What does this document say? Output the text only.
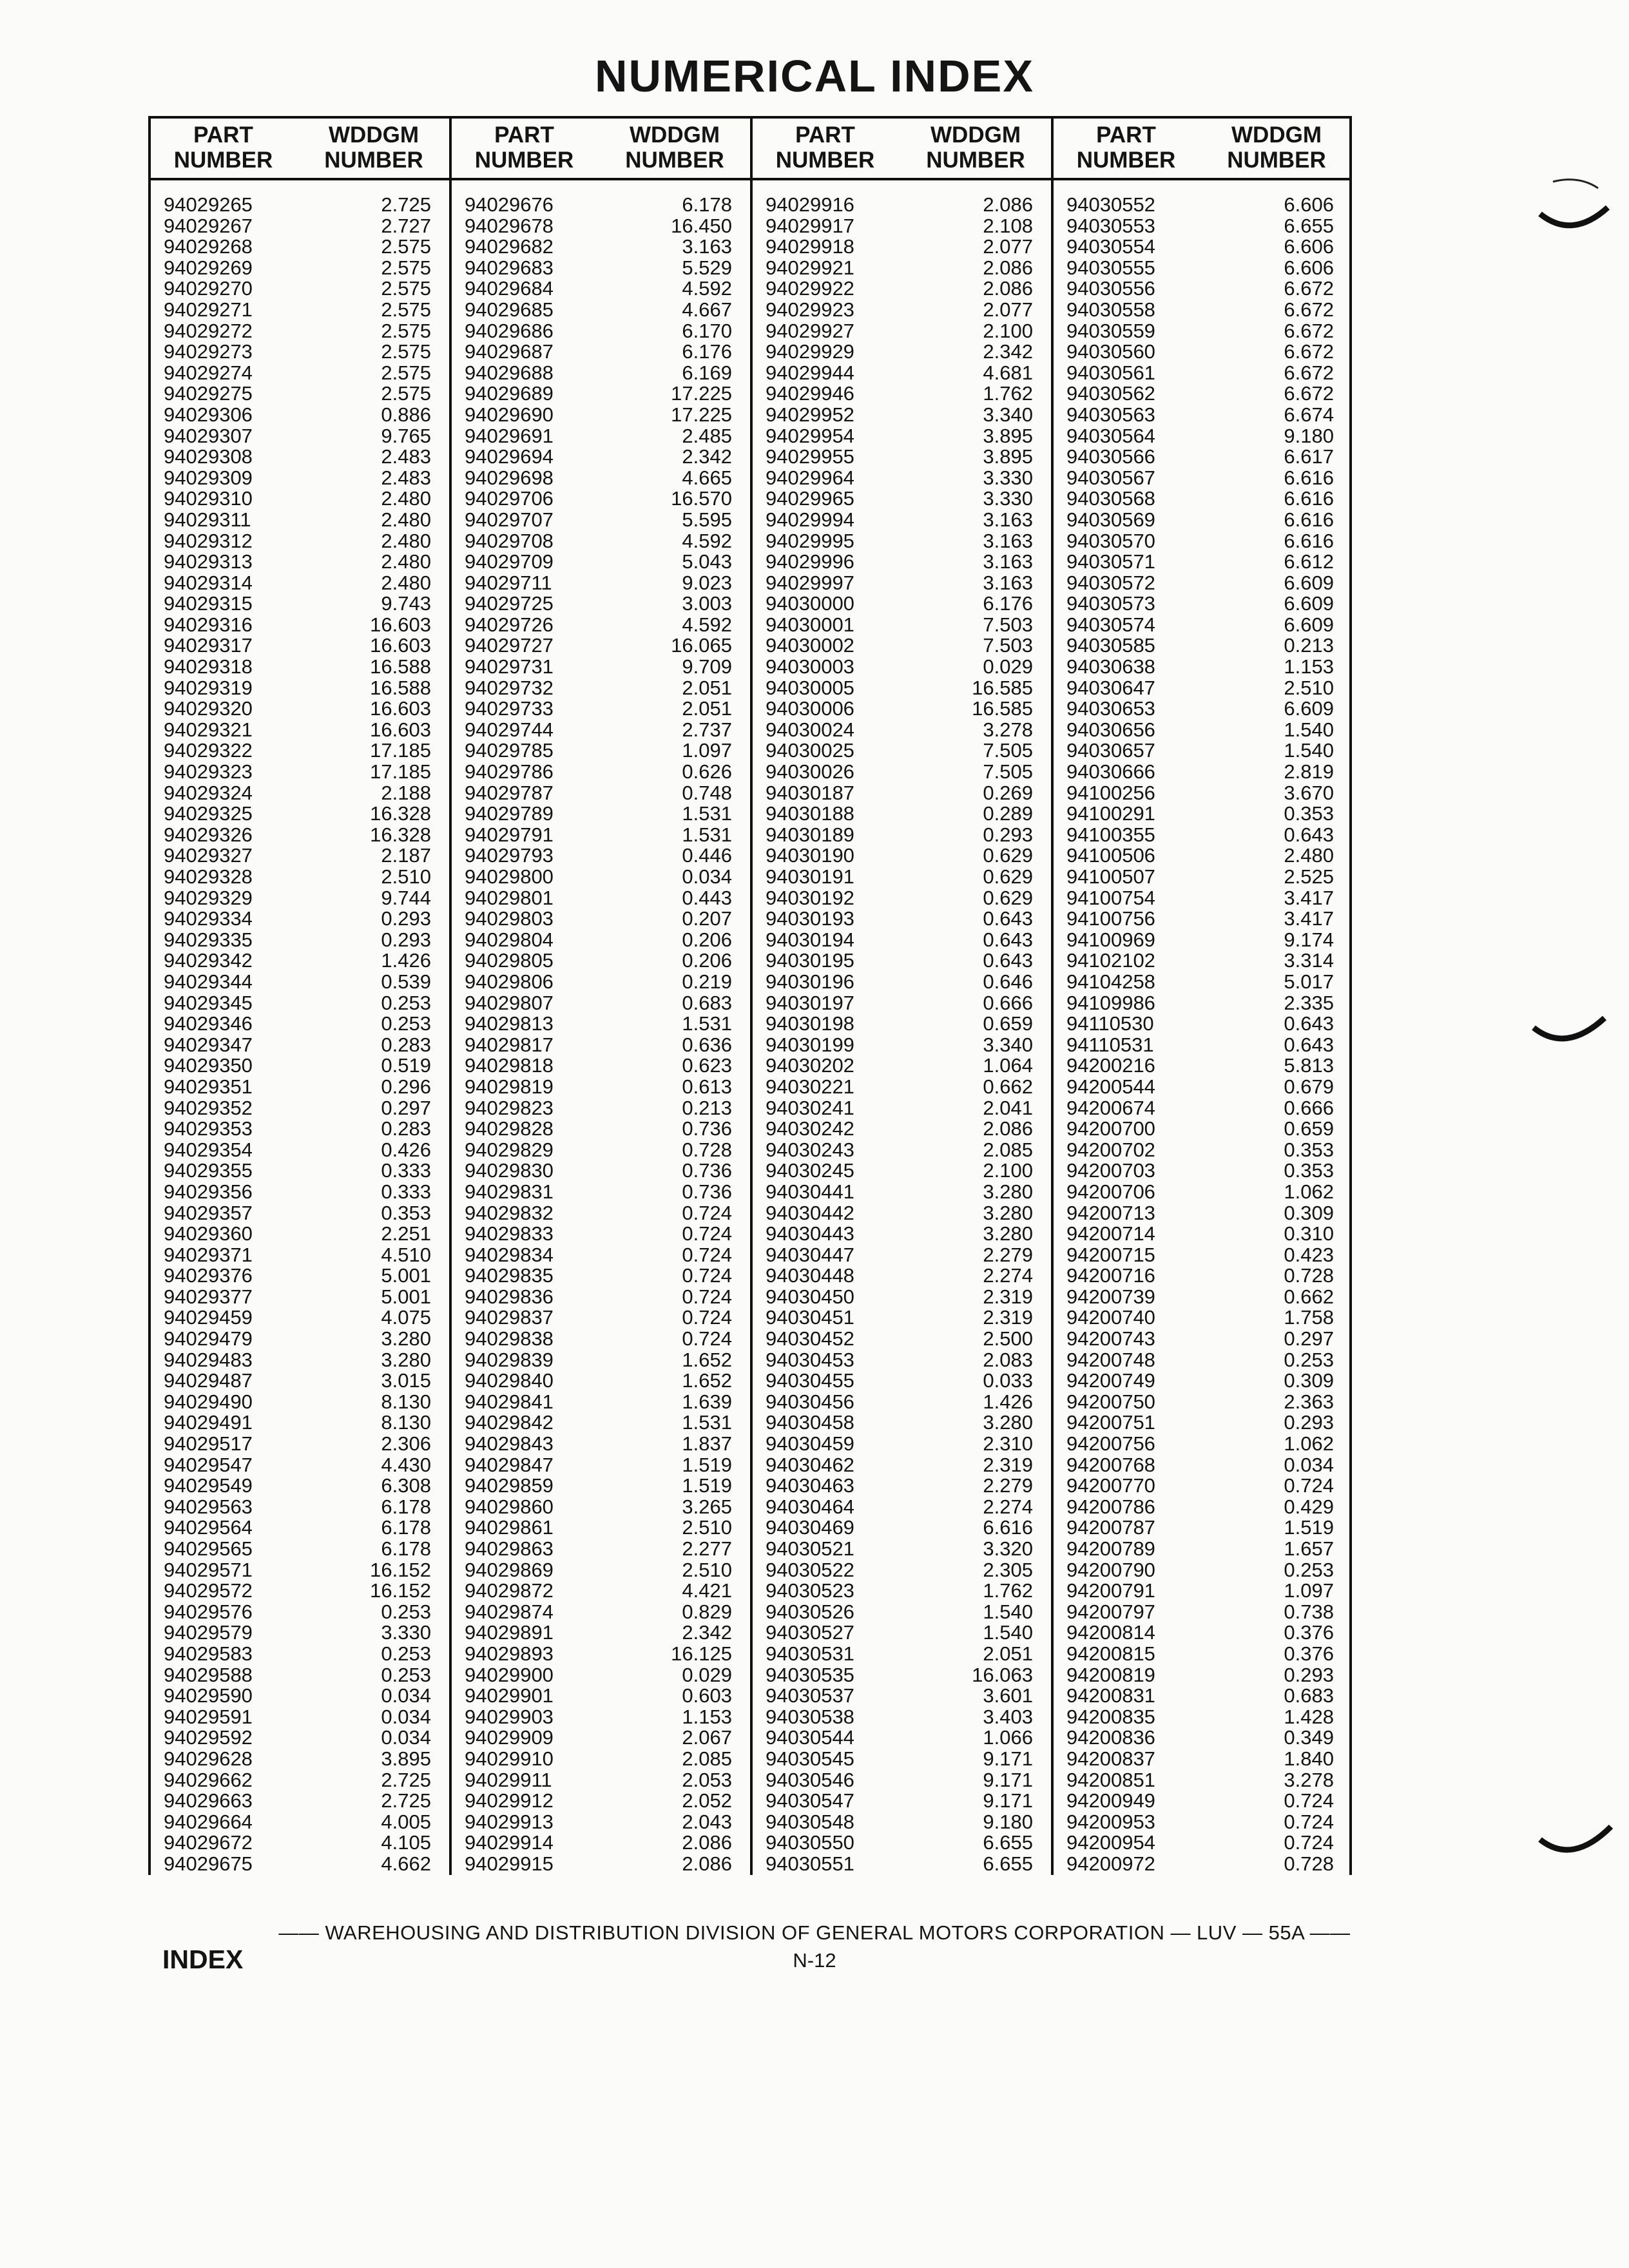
NUMERICAL INDEX
PART
NUMBER
WDDGM
NUMBER
94029265	2.725
94029267	2.727
94029268	2.575
94029269	2.575
94029270	2.575
94029271	2.575
94029272	2.575
94029273	2.575
94029274	2.575
94029275	2.575
94029306	0.886
94029307	9.765
94029308	2.483
94029309	2.483
94029310	2.480
94029311	2.480
94029312	2.480
94029313	2.480
94029314	2.480
94029315	9.743
94029316	16.603
94029317	16.603
94029318	16.588
94029319	16.588
94029320	16.603
94029321	16.603
94029322	17.185
94029323	17.185
94029324	2.188
94029325	16.328
94029326	16.328
94029327	2.187
94029328	2.510
94029329	9.744
94029334	0.293
94029335	0.293
94029342	1.426
94029344	0.539
94029345	0.253
94029346	0.253
94029347	0.283
94029350	0.519
94029351	0.296
94029352	0.297
94029353	0.283
94029354	0.426
94029355	0.333
94029356	0.333
94029357	0.353
94029360	2.251
94029371	4.510
94029376	5.001
94029377	5.001
94029459	4.075
94029479	3.280
94029483	3.280
94029487	3.015
94029490	8.130
94029491	8.130
94029517	2.306
94029547	4.430
94029549	6.308
94029563	6.178
94029564	6.178
94029565	6.178
94029571	16.152
94029572	16.152
94029576	0.253
94029579	3.330
94029583	0.253
94029588	0.253
94029590	0.034
94029591	0.034
94029592	0.034
94029628	3.895
94029662	2.725
94029663	2.725
94029664	4.005
94029672	4.105
94029675	4.662
PART
NUMBER
WDDGM
NUMBER
94029676	6.178
94029678	16.450
94029682	3.163
94029683	5.529
94029684	4.592
94029685	4.667
94029686	6.170
94029687	6.176
94029688	6.169
94029689	17.225
94029690	17.225
94029691	2.485
94029694	2.342
94029698	4.665
94029706	16.570
94029707	5.595
94029708	4.592
94029709	5.043
94029711	9.023
94029725	3.003
94029726	4.592
94029727	16.065
94029731	9.709
94029732	2.051
94029733	2.051
94029744	2.737
94029785	1.097
94029786	0.626
94029787	0.748
94029789	1.531
94029791	1.531
94029793	0.446
94029800	0.034
94029801	0.443
94029803	0.207
94029804	0.206
94029805	0.206
94029806	0.219
94029807	0.683
94029813	1.531
94029817	0.636
94029818	0.623
94029819	0.613
94029823	0.213
94029828	0.736
94029829	0.728
94029830	0.736
94029831	0.736
94029832	0.724
94029833	0.724
94029834	0.724
94029835	0.724
94029836	0.724
94029837	0.724
94029838	0.724
94029839	1.652
94029840	1.652
94029841	1.639
94029842	1.531
94029843	1.837
94029847	1.519
94029859	1.519
94029860	3.265
94029861	2.510
94029863	2.277
94029869	2.510
94029872	4.421
94029874	0.829
94029891	2.342
94029893	16.125
94029900	0.029
94029901	0.603
94029903	1.153
94029909	2.067
94029910	2.085
94029911	2.053
94029912	2.052
94029913	2.043
94029914	2.086
94029915	2.086
PART
NUMBER
WDDGM
NUMBER
94029916	2.086
94029917	2.108
94029918	2.077
94029921	2.086
94029922	2.086
94029923	2.077
94029927	2.100
94029929	2.342
94029944	4.681
94029946	1.762
94029952	3.340
94029954	3.895
94029955	3.895
94029964	3.330
94029965	3.330
94029994	3.163
94029995	3.163
94029996	3.163
94029997	3.163
94030000	6.176
94030001	7.503
94030002	7.503
94030003	0.029
94030005	16.585
94030006	16.585
94030024	3.278
94030025	7.505
94030026	7.505
94030187	0.269
94030188	0.289
94030189	0.293
94030190	0.629
94030191	0.629
94030192	0.629
94030193	0.643
94030194	0.643
94030195	0.643
94030196	0.646
94030197	0.666
94030198	0.659
94030199	3.340
94030202	1.064
94030221	0.662
94030241	2.041
94030242	2.086
94030243	2.085
94030245	2.100
94030441	3.280
94030442	3.280
94030443	3.280
94030447	2.279
94030448	2.274
94030450	2.319
94030451	2.319
94030452	2.500
94030453	2.083
94030455	0.033
94030456	1.426
94030458	3.280
94030459	2.310
94030462	2.319
94030463	2.279
94030464	2.274
94030469	6.616
94030521	3.320
94030522	2.305
94030523	1.762
94030526	1.540
94030527	1.540
94030531	2.051
94030535	16.063
94030537	3.601
94030538	3.403
94030544	1.066
94030545	9.171
94030546	9.171
94030547	9.171
94030548	9.180
94030550	6.655
94030551	6.655
PART
NUMBER
WDDGM
NUMBER
94030552	6.606
94030553	6.655
94030554	6.606
94030555	6.606
94030556	6.672
94030558	6.672
94030559	6.672
94030560	6.672
94030561	6.672
94030562	6.672
94030563	6.674
94030564	9.180
94030566	6.617
94030567	6.616
94030568	6.616
94030569	6.616
94030570	6.616
94030571	6.612
94030572	6.609
94030573	6.609
94030574	6.609
94030585	0.213
94030638	1.153
94030647	2.510
94030653	6.609
94030656	1.540
94030657	1.540
94030666	2.819
94100256	3.670
94100291	0.353
94100355	0.643
94100506	2.480
94100507	2.525
94100754	3.417
94100756	3.417
94100969	9.174
94102102	3.314
94104258	5.017
94109986	2.335
94110530	0.643
94110531	0.643
94200216	5.813
94200544	0.679
94200674	0.666
94200700	0.659
94200702	0.353
94200703	0.353
94200706	1.062
94200713	0.309
94200714	0.310
94200715	0.423
94200716	0.728
94200739	0.662
94200740	1.758
94200743	0.297
94200748	0.253
94200749	0.309
94200750	2.363
94200751	0.293
94200756	1.062
94200768	0.034
94200770	0.724
94200786	0.429
94200787	1.519
94200789	1.657
94200790	0.253
94200791	1.097
94200797	0.738
94200814	0.376
94200815	0.376
94200819	0.293
94200831	0.683
94200835	1.428
94200836	0.349
94200837	1.840
94200851	3.278
94200949	0.724
94200953	0.724
94200954	0.724
94200972	0.728
—— WAREHOUSING AND DISTRIBUTION DIVISION OF GENERAL MOTORS CORPORATION — LUV — 55A ——
INDEX	N-12
